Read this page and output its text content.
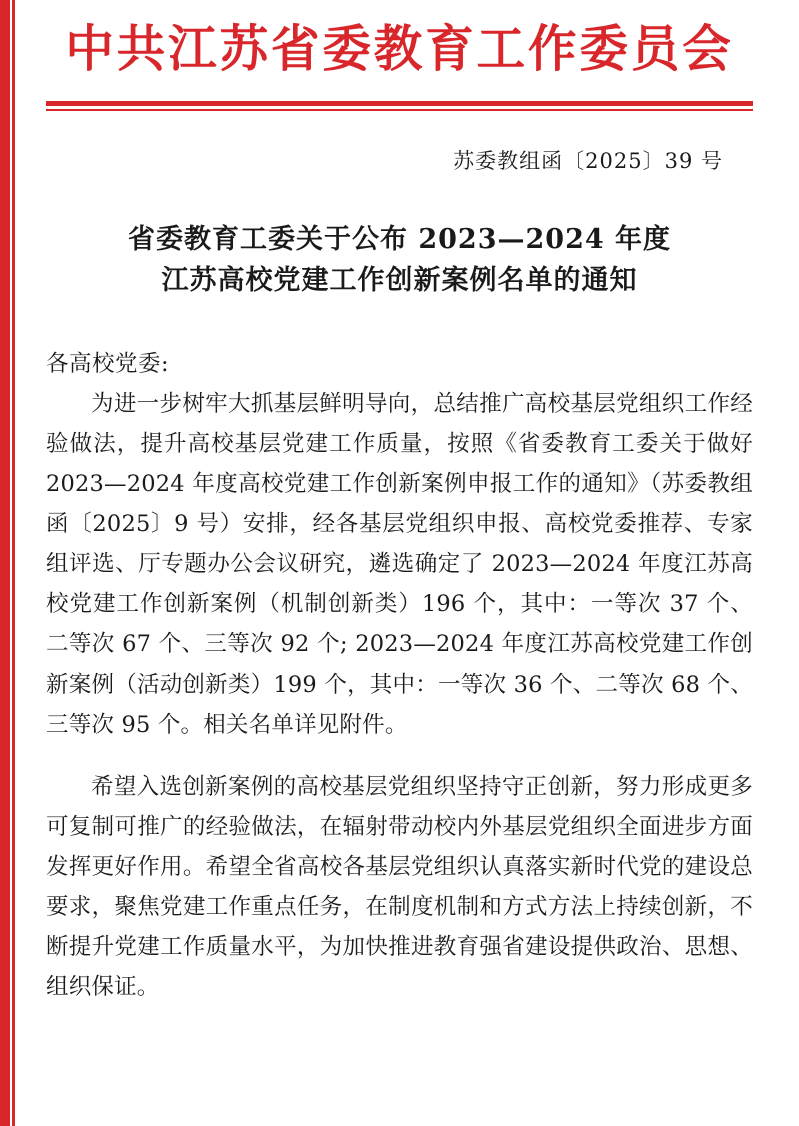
中共江苏省委教育工作委员会
苏委教组函〔2025〕39 号
省委教育工委关于公布 2023—2024 年度
江苏高校党建工作创新案例名单的通知
各高校党委:

为进一步树牢大抓基层鲜明导向，总结推广高校基层党组织工作经验做法，提升高校基层党建工作质量，按照《省委教育工委关于做好 2023—2024 年度高校党建工作创新案例申报工作的通知》（苏委教组函〔2025〕9 号）安排，经各基层党组织申报、高校党委推荐、专家组评选、厅专题办公会议研究，遴选确定了 2023—2024 年度江苏高校党建工作创新案例（机制创新类）196 个，其中：一等次 37 个、二等次 67 个、三等次 92 个; 2023—2024 年度江苏高校党建工作创新案例（活动创新类）199 个，其中：一等次 36 个、二等次 68 个、三等次 95 个。相关名单详见附件。

希望入选创新案例的高校基层党组织坚持守正创新，努力形成更多可复制可推广的经验做法，在辐射带动校内外基层党组织全面进步方面发挥更好作用。希望全省高校各基层党组织认真落实新时代党的建设总要求，聚焦党建工作重点任务，在制度机制和方式方法上持续创新，不断提升党建工作质量水平，为加快推进教育强省建设提供政治、思想、组织保证。
